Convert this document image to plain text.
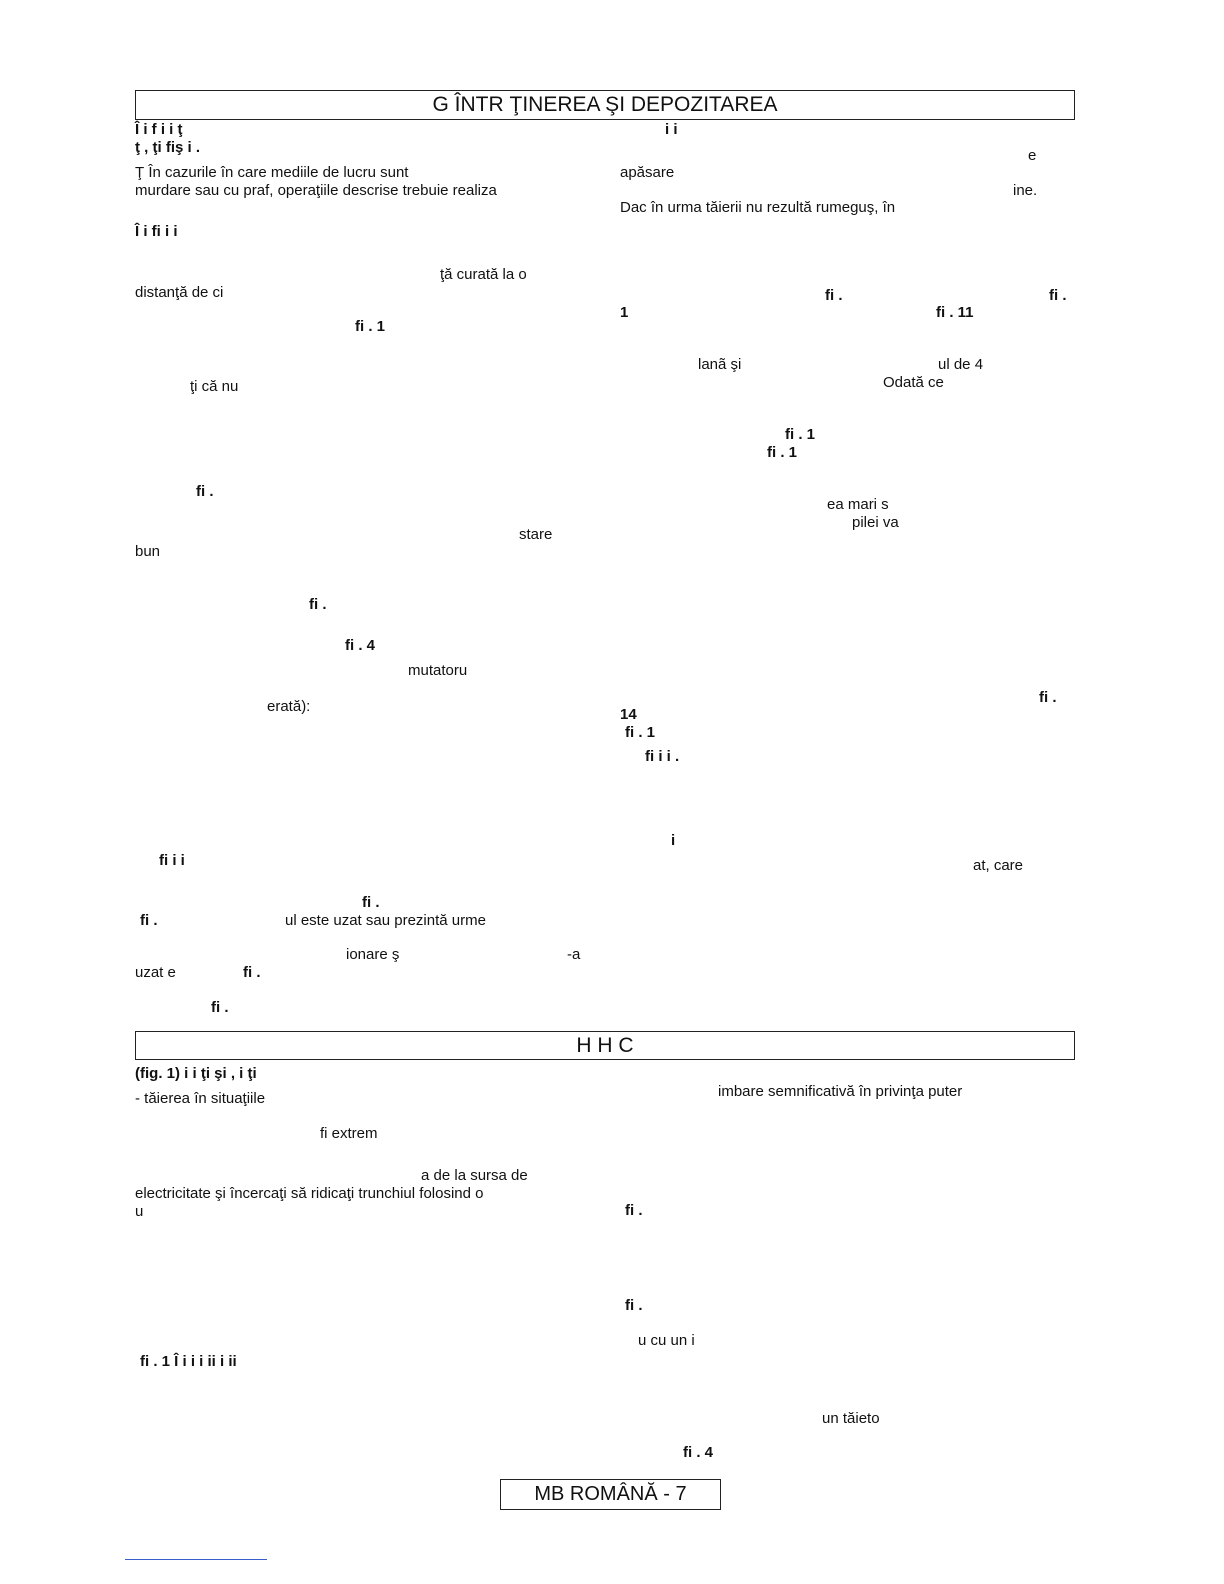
G ÎNTR ŢINEREA ŞI DEPOZITAREA
Î i f i i ţ
ţ , ţi fiş i .
Ţ În cazurile în care mediile de lucru sunt
murdare sau cu praf, operaţiile descrise trebuie realiza
Î i fi i i
ţă curată la o
distanţă de ci
fi . 1
ţi că nu
fi .
stare
bun
fi .
fi . 4
mutatoru
erată):
fi i i
fi .
fi .	ul este uzat sau prezintă urme
ionare ş	-a
uzat e	fi .
fi .
i i
e
apăsare
ine.
Dac în urma tăierii nu rezultă rumeguş, în
fi .	fi .
1	fi . 11
lanã şi	ul de 4
Odată ce
fi . 1
fi . 1
ea mari s
pilei va
fi .
14
fi . 1
fi i i .
i
at, care
H H C
(fig. 1) i i ţi şi , i ţi
- tăierea în situaţiile
fi extrem
a de la sursa de
electricitate şi încercaţi să ridicaţi trunchiul folosind o
u
fi . 1 Î i i i ii i ii
imbare semnificativă în privinţa puter
fi .
fi .
u cu un i
un tăieto
fi . 4
MB ROMÂNĂ - 7
